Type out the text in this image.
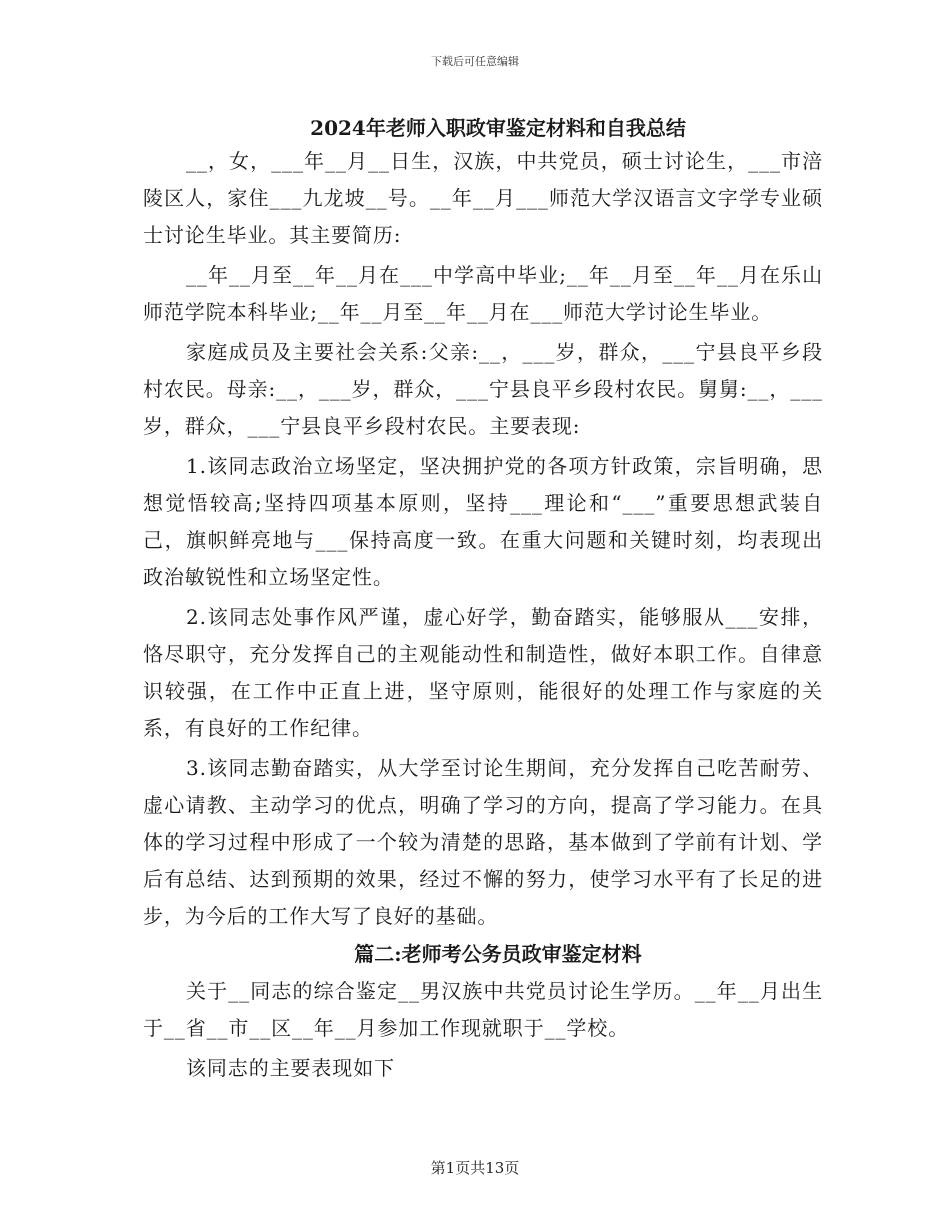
下载后可任意编辑
2024年老师入职政审鉴定材料和自我总结

__，女，___年__月__日生，汉族，中共党员，硕士讨论生，___市涪陵区人，家住___九龙坡__号。__年__月___师范大学汉语言文字学专业硕士讨论生毕业。其主要简历:

__年__月至__年__月在___中学高中毕业;__年__月至__年__月在乐山师范学院本科毕业;__年__月至__年__月在___师范大学讨论生毕业。

家庭成员及主要社会关系:父亲:__，___岁，群众，___宁县良平乡段村农民。母亲:__，___岁，群众，___宁县良平乡段村农民。舅舅:__，___岁，群众，___宁县良平乡段村农民。主要表现:

1.该同志政治立场坚定，坚决拥护党的各项方针政策，宗旨明确，思想觉悟较高;坚持四项基本原则，坚持___理论和“___”重要思想武装自己，旗帜鲜亮地与___保持高度一致。在重大问题和关键时刻，均表现出政治敏锐性和立场坚定性。

2.该同志处事作风严谨，虚心好学，勤奋踏实，能够服从___安排，恪尽职守，充分发挥自己的主观能动性和制造性，做好本职工作。自律意识较强，在工作中正直上进，坚守原则，能很好的处理工作与家庭的关系，有良好的工作纪律。

3.该同志勤奋踏实，从大学至讨论生期间，充分发挥自己吃苦耐劳、虚心请教、主动学习的优点，明确了学习的方向，提高了学习能力。在具体的学习过程中形成了一个较为清楚的思路，基本做到了学前有计划、学后有总结、达到预期的效果，经过不懈的努力，使学习水平有了长足的进步，为今后的工作大写了良好的基础。

篇二:老师考公务员政审鉴定材料

关于__同志的综合鉴定__男汉族中共党员讨论生学历。__年__月出生于__省__市__区__年__月参加工作现就职于__学校。

该同志的主要表现如下

第1页共13页
